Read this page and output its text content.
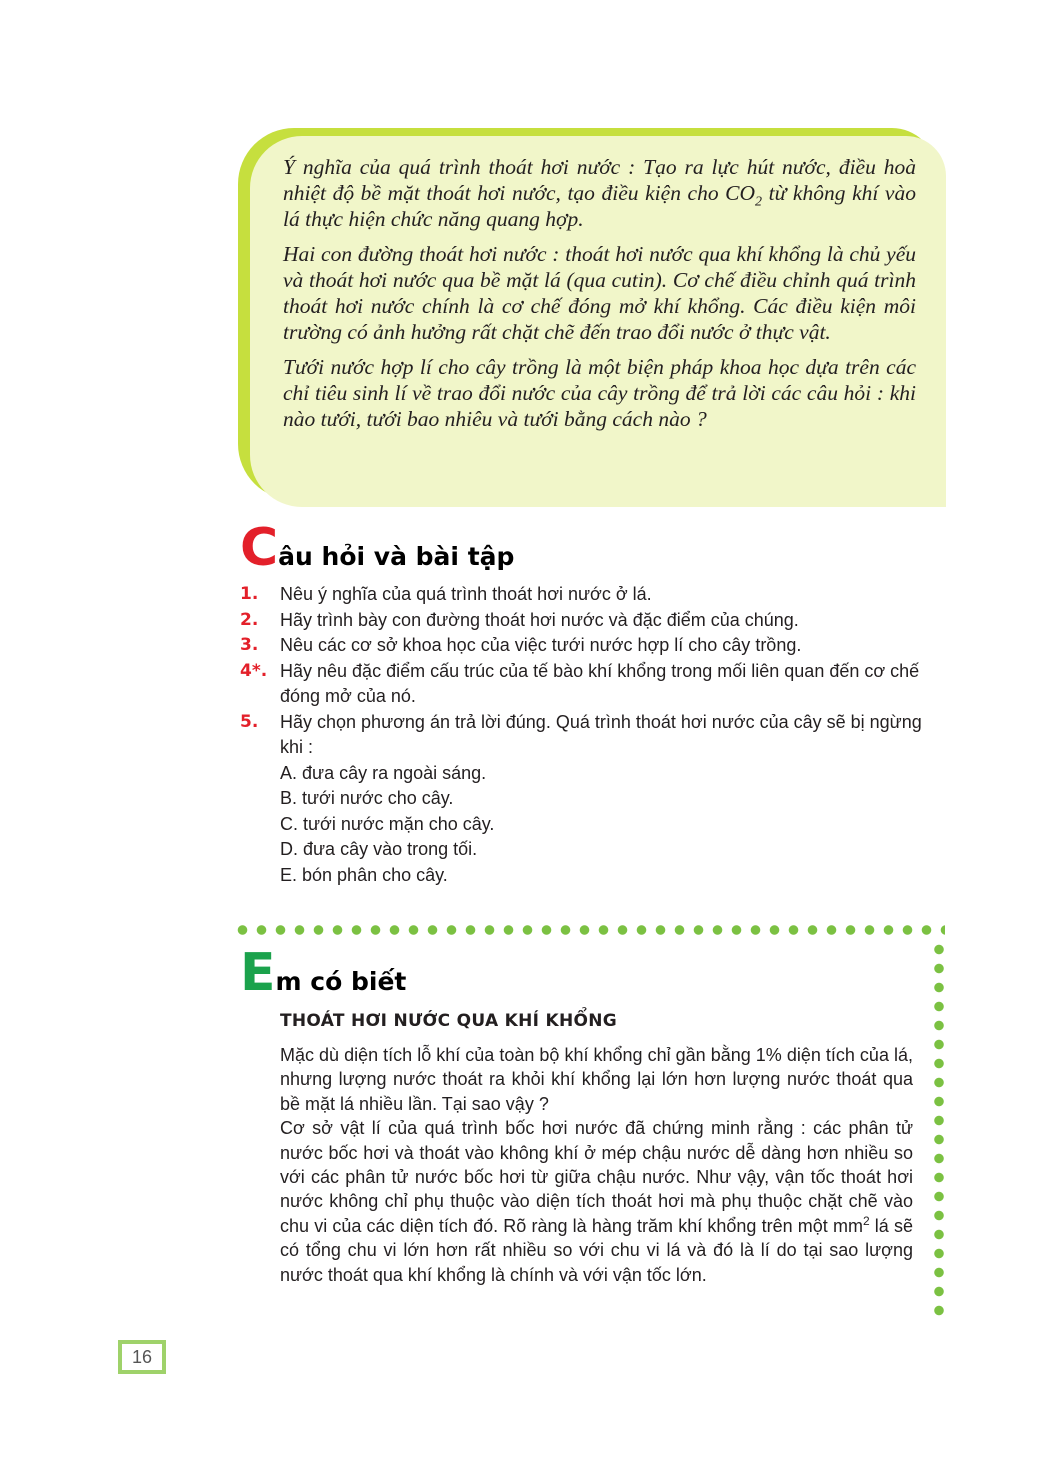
Ý nghĩa của quá trình thoát hơi nước : Tạo ra lực hút nước, điều hoà nhiệt độ bề mặt thoát hơi nước, tạo điều kiện cho $CO_2$ từ không khí vào lá thực hiện chức năng quang hợp.

Hai con đường thoát hơi nước : thoát hơi nước qua khí khổng là chủ yếu và thoát hơi nước qua bề mặt lá (qua cutin). Cơ chế điều chỉnh quá trình thoát hơi nước chính là cơ chế đóng mở khí khổng. Các điều kiện môi trường có ảnh hưởng rất chặt chẽ đến trao đổi nước ở thực vật.

Tưới nước hợp lí cho cây trồng là một biện pháp khoa học dựa trên các chỉ tiêu sinh lí về trao đổi nước của cây trồng để trả lời các câu hỏi : khi nào tưới, tưới bao nhiêu và tưới bằng cách nào ?

Câu hỏi và bài tập
1. Nêu ý nghĩa của quá trình thoát hơi nước ở lá.
2. Hãy trình bày con đường thoát hơi nước và đặc điểm của chúng.
3. Nêu các cơ sở khoa học của việc tưới nước hợp lí cho cây trồng.
4*. Hãy nêu đặc điểm cấu trúc của tế bào khí khổng trong mối liên quan đến cơ chế đóng mở của nó.
5. Hãy chọn phương án trả lời đúng. Quá trình thoát hơi nước của cây sẽ bị ngừng khi :
A. đưa cây ra ngoài sáng.
B. tưới nước cho cây.
C. tưới nước mặn cho cây.
D. đưa cây vào trong tối.
E. bón phân cho cây.
Em có biết
THOÁT HƠI NƯỚC QUA KHÍ KHỔNG

Mặc dù diện tích lỗ khí của toàn bộ khí khổng chỉ gần bằng 1% diện tích của lá, nhưng lượng nước thoát ra khỏi khí khổng lại lớn hơn lượng nước thoát qua bề mặt lá nhiều lần. Tại sao vậy ?

Cơ sở vật lí của quá trình bốc hơi nước đã chứng minh rằng : các phân tử nước bốc hơi và thoát vào không khí ở mép chậu nước dễ dàng hơn nhiều so với các phân tử nước bốc hơi từ giữa chậu nước. Như vậy, vận tốc thoát hơi nước không chỉ phụ thuộc vào diện tích thoát hơi mà phụ thuộc chặt chẽ vào chu vi của các diện tích đó. Rõ ràng là hàng trăm khí khổng trên một $mm^2$ lá sẽ có tổng chu vi lớn hơn rất nhiều so với chu vi lá và đó là lí do tại sao lượng nước thoát qua khí khổng là chính và với vận tốc lớn.

16
